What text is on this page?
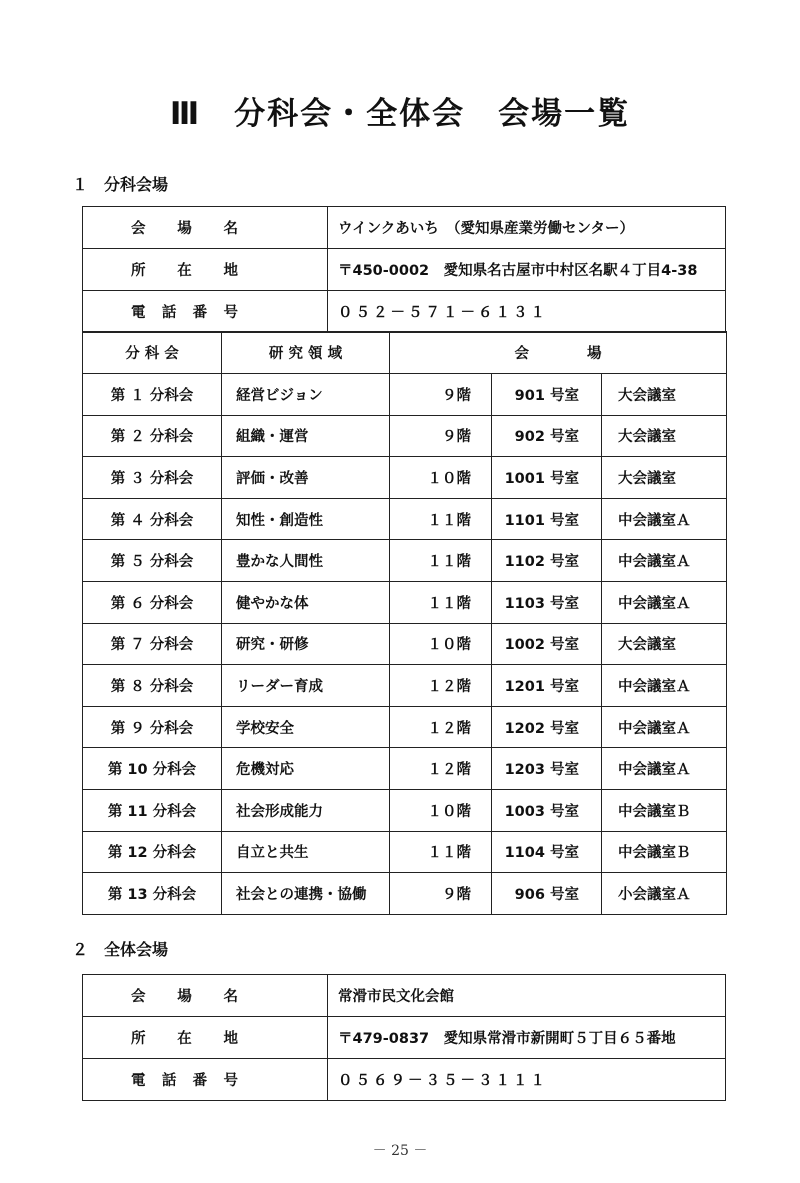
Ⅲ　分科会・全体会　会場一覧
１　分科会場
会場名	ウインクあいち　（愛知県産業労働センター）
所在地	〒450-0002　愛知県名古屋市中村区名駅４丁目4-38
電話番号	０５２－５７１－６１３１
分 科 会	研 究 領 域	会　　　　場		
第 １ 分科会	経営ビジョン	９階	901 号室	大会議室
第 ２ 分科会	組織・運営	９階	902 号室	大会議室
第 ３ 分科会	評価・改善	１０階	1001 号室	大会議室
第 ４ 分科会	知性・創造性	１１階	1101 号室	中会議室Ａ
第 ５ 分科会	豊かな人間性	１１階	1102 号室	中会議室Ａ
第 ６ 分科会	健やかな体	１１階	1103 号室	中会議室Ａ
第 ７ 分科会	研究・研修	１０階	1002 号室	大会議室
第 ８ 分科会	リーダー育成	１２階	1201 号室	中会議室Ａ
第 ９ 分科会	学校安全	１２階	1202 号室	中会議室Ａ
第 10 分科会	危機対応	１２階	1203 号室	中会議室Ａ
第 11 分科会	社会形成能力	１０階	1003 号室	中会議室Ｂ
第 12 分科会	自立と共生	１１階	1104 号室	中会議室Ｂ
第 13 分科会	社会との連携・協働	９階	906 号室	小会議室Ａ
２　全体会場
会場名	常滑市民文化会館
所在地	〒479-0837　愛知県常滑市新開町５丁目６５番地
電話番号	０５６９－３５－３１１１
－ 25 －
